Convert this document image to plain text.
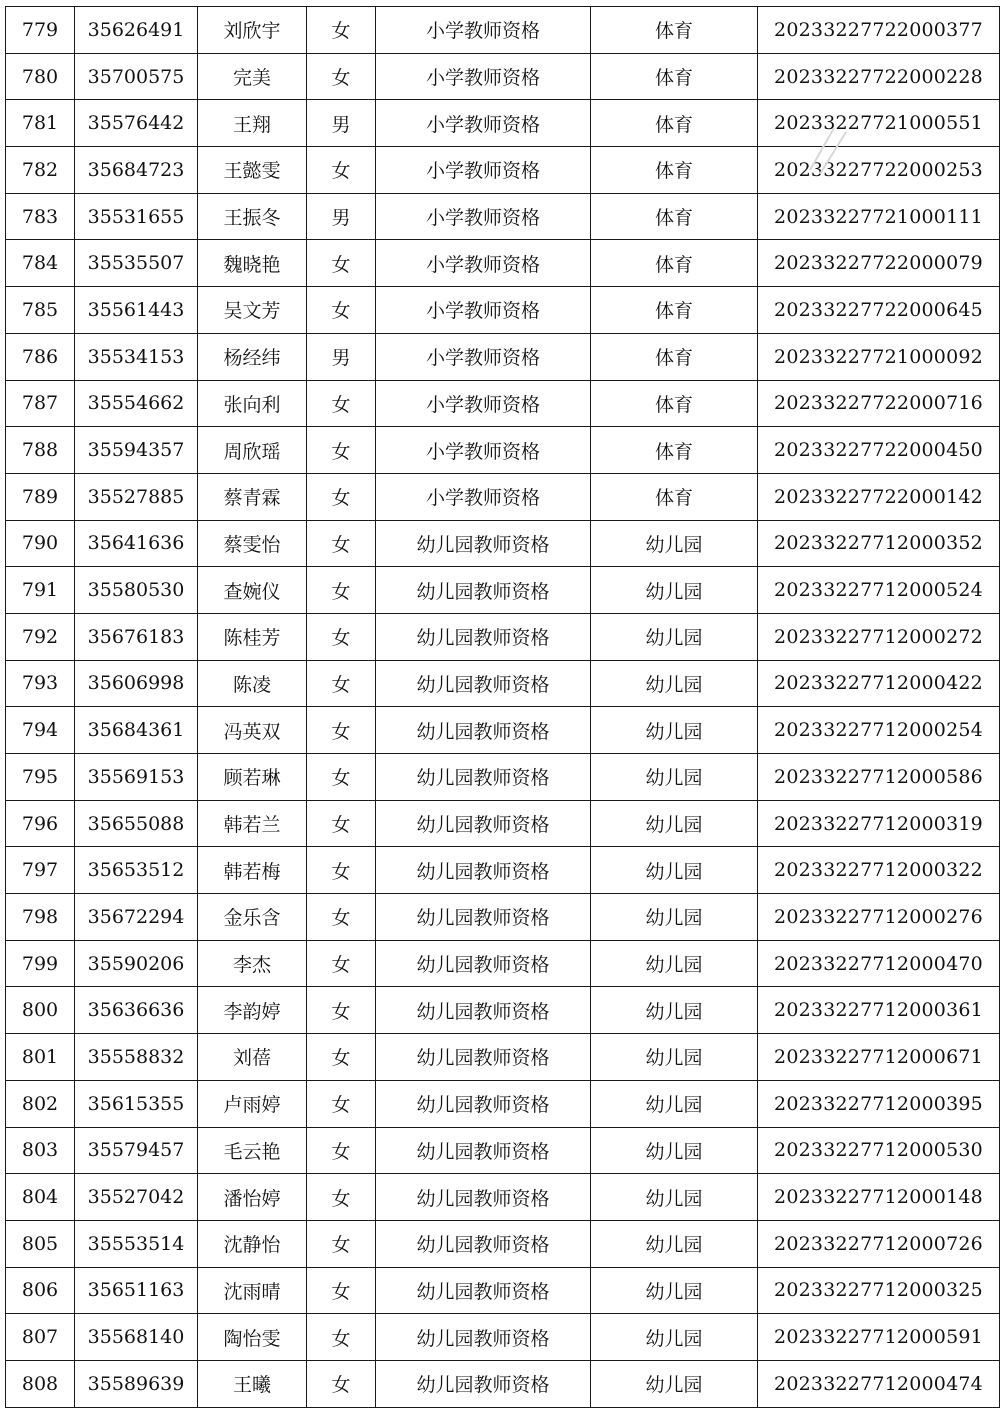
779	35626491	刘欣宇	女	小学教师资格	体育	20233227722000377
780	35700575	完美	女	小学教师资格	体育	20233227722000228
781	35576442	王翔	男	小学教师资格	体育	20233227721000551
782	35684723	王懿雯	女	小学教师资格	体育	20233227722000253
783	35531655	王振冬	男	小学教师资格	体育	20233227721000111
784	35535507	魏晓艳	女	小学教师资格	体育	20233227722000079
785	35561443	吴文芳	女	小学教师资格	体育	20233227722000645
786	35534153	杨经纬	男	小学教师资格	体育	20233227721000092
787	35554662	张向利	女	小学教师资格	体育	20233227722000716
788	35594357	周欣瑶	女	小学教师资格	体育	20233227722000450
789	35527885	蔡青霖	女	小学教师资格	体育	20233227722000142
790	35641636	蔡雯怡	女	幼儿园教师资格	幼儿园	20233227712000352
791	35580530	查婉仪	女	幼儿园教师资格	幼儿园	20233227712000524
792	35676183	陈桂芳	女	幼儿园教师资格	幼儿园	20233227712000272
793	35606998	陈凌	女	幼儿园教师资格	幼儿园	20233227712000422
794	35684361	冯英双	女	幼儿园教师资格	幼儿园	20233227712000254
795	35569153	顾若琳	女	幼儿园教师资格	幼儿园	20233227712000586
796	35655088	韩若兰	女	幼儿园教师资格	幼儿园	20233227712000319
797	35653512	韩若梅	女	幼儿园教师资格	幼儿园	20233227712000322
798	35672294	金乐含	女	幼儿园教师资格	幼儿园	20233227712000276
799	35590206	李杰	女	幼儿园教师资格	幼儿园	20233227712000470
800	35636636	李韵婷	女	幼儿园教师资格	幼儿园	20233227712000361
801	35558832	刘蓓	女	幼儿园教师资格	幼儿园	20233227712000671
802	35615355	卢雨婷	女	幼儿园教师资格	幼儿园	20233227712000395
803	35579457	毛云艳	女	幼儿园教师资格	幼儿园	20233227712000530
804	35527042	潘怡婷	女	幼儿园教师资格	幼儿园	20233227712000148
805	35553514	沈静怡	女	幼儿园教师资格	幼儿园	20233227712000726
806	35651163	沈雨晴	女	幼儿园教师资格	幼儿园	20233227712000325
807	35568140	陶怡雯	女	幼儿园教师资格	幼儿园	20233227712000591
808	35589639	王曦	女	幼儿园教师资格	幼儿园	20233227712000474
